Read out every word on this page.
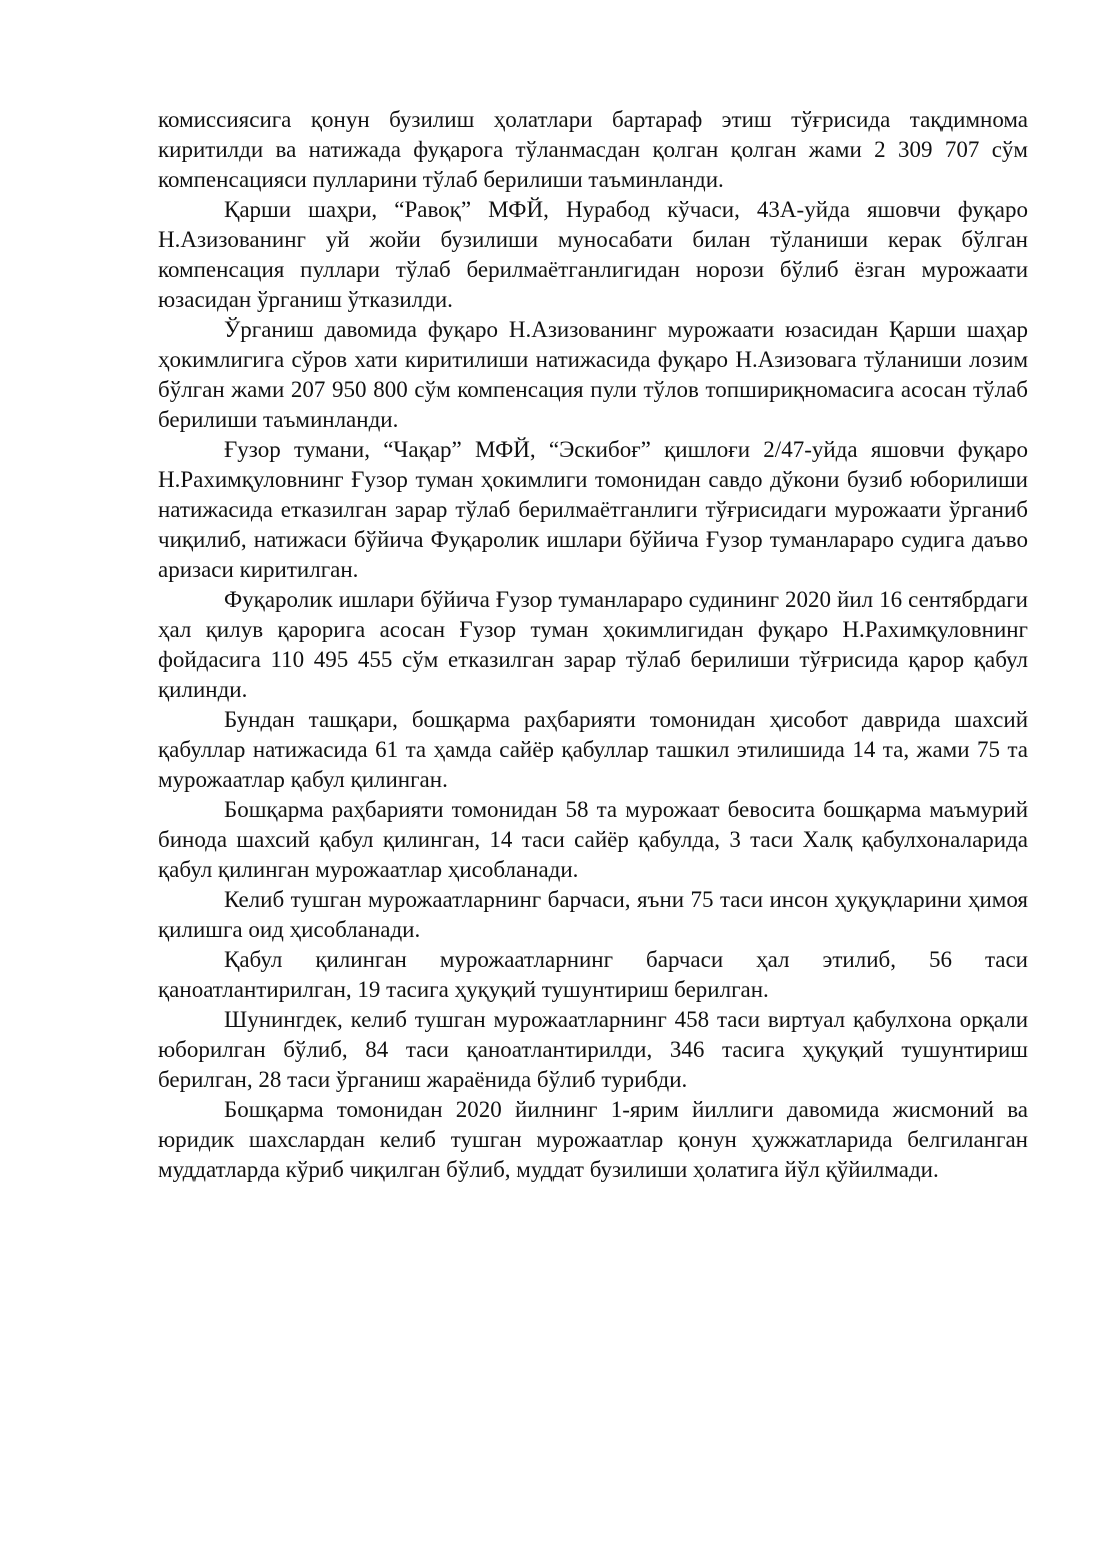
комиссиясига қонун бузилиш ҳолатлари бартараф этиш тўғрисида тақдимнома киритилди ва натижада фуқарога тўланмасдан қолган қолган жами 2 309 707 сўм компенсацияси пулларини тўлаб берилиши таъминланди.

Қарши шаҳри, “Равоқ” МФЙ, Нурабод кўчаси, 43А-уйда яшовчи фуқаро Н.Азизованинг уй жойи бузилиши муносабати билан тўланиши керак бўлган компенсация пуллари тўлаб берилмаётганлигидан норози бўлиб ёзган мурожаати юзасидан ўрганиш ўтказилди.

Ўрганиш давомида фуқаро Н.Азизованинг мурожаати юзасидан Қарши шаҳар ҳокимлигига сўров хати киритилиши натижасида фуқаро Н.Азизовага тўланиши лозим бўлган жами 207 950 800 сўм компенсация пули тўлов топшириқномасига асосан тўлаб берилиши таъминланди.

Ғузор тумани, “Чақар” МФЙ, “Эскибоғ” қишлоғи 2/47-уйда яшовчи фуқаро Н.Рахимқуловнинг Ғузор туман ҳокимлиги томонидан савдо дўкони бузиб юборилиши натижасида етказилган зарар тўлаб берилмаётганлиги тўғрисидаги мурожаати ўрганиб чиқилиб, натижаси бўйича Фуқаролик ишлари бўйича Ғузор туманлараро судига даъво аризаси киритилган.

Фуқаролик ишлари бўйича Ғузор туманлараро судининг 2020 йил 16 сентябрдаги ҳал қилув қарорига асосан Ғузор туман ҳокимлигидан фуқаро Н.Рахимқуловнинг фойдасига 110 495 455 сўм етказилган зарар тўлаб берилиши тўғрисида қарор қабул қилинди.

Бундан ташқари, бошқарма раҳбарияти томонидан ҳисобот даврида шахсий қабуллар натижасида 61 та ҳамда сайёр қабуллар ташкил этилишида 14 та, жами 75 та мурожаатлар қабул қилинган.

Бошқарма раҳбарияти томонидан 58 та мурожаат бевосита бошқарма маъмурий бинода шахсий қабул қилинган, 14 таси сайёр қабулда, 3 таси Халқ қабулхоналарида қабул қилинган мурожаатлар ҳисобланади.

Келиб тушган мурожаатларнинг барчаси, яъни 75 таси инсон ҳуқуқларини ҳимоя қилишга оид ҳисобланади.

Қабул қилинган мурожаатларнинг барчаси ҳал этилиб, 56 таси қаноатлантирилган, 19 тасига ҳуқуқий тушунтириш берилган.

Шунингдек, келиб тушган мурожаатларнинг 458 таси виртуал қабулхона орқали юборилган бўлиб, 84 таси қаноатлантирилди, 346 тасига ҳуқуқий тушунтириш берилган, 28 таси ўрганиш жараёнида бўлиб турибди.

Бошқарма томонидан 2020 йилнинг 1-ярим йиллиги давомида жисмоний ва юридик шахслардан келиб тушган мурожаатлар қонун ҳужжатларида белгиланган муддатларда кўриб чиқилган бўлиб, муддат бузилиши ҳолатига йўл қўйилмади.
